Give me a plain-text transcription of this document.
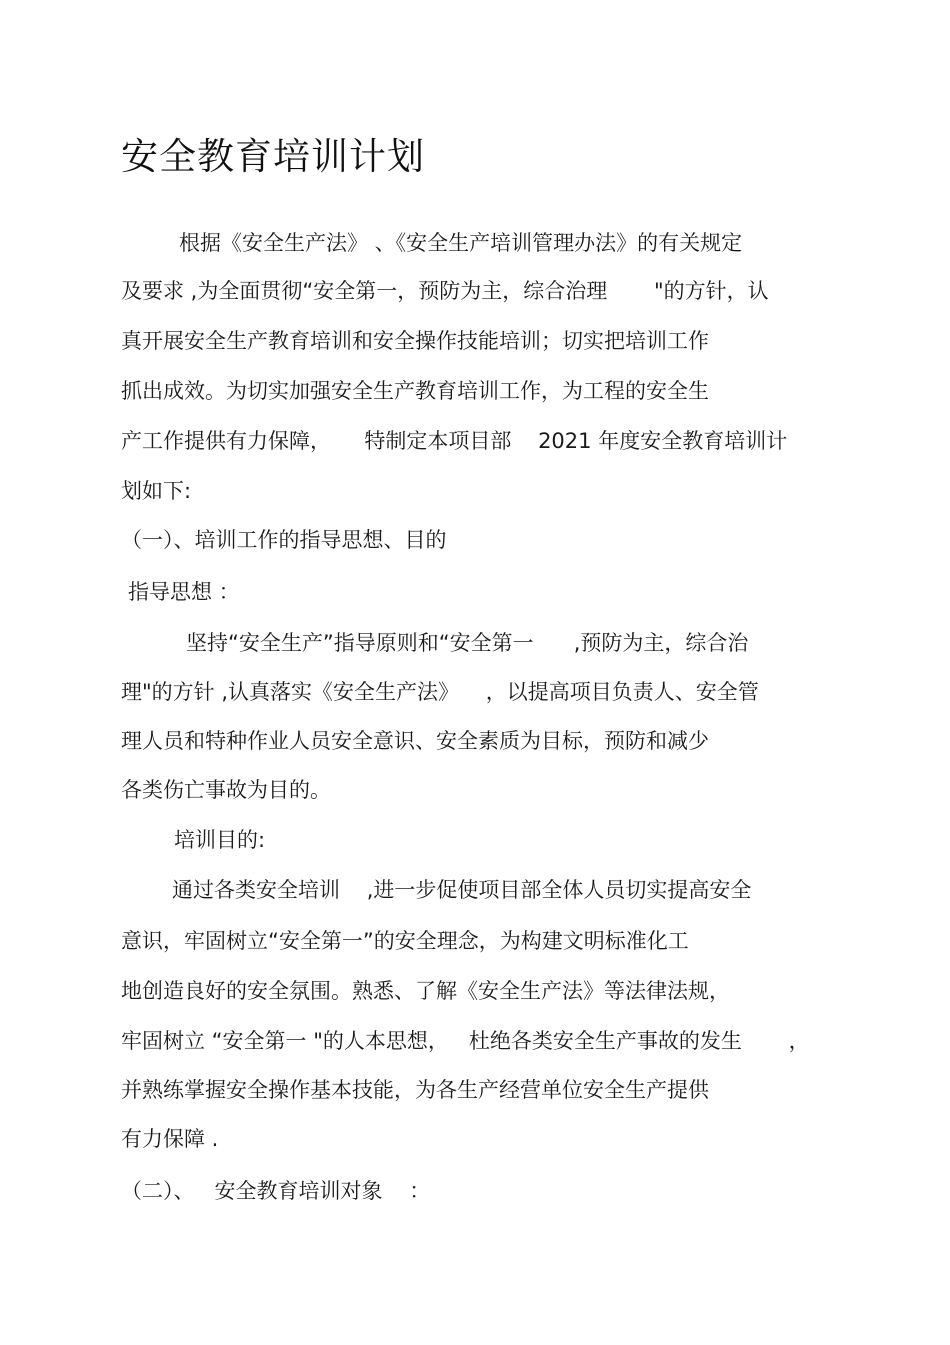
安全教育培训计划
根据《安全生产法》 、《安全生产培训管理办法》的有关规定
及要求 ,为全面贯彻“安全第一，预防为主，综合治理       "的方针，认
真开展安全生产教育培训和安全操作技能培训；切实把培训工作
抓出成效。为切实加强安全生产教育培训工作，为工程的安全生
产工作提供有力保障，     特制定本项目部    2021 年度安全教育培训计
划如下:
（一）、培训工作的指导思想、目的
指导思想 ：
坚持“安全生产”指导原则和“安全第一      ,预防为主，综合治
理"的方针 ,认真落实《安全生产法》    ，以提高项目负责人、安全管
理人员和特种作业人员安全意识、安全素质为目标，预防和减少
各类伤亡事故为目的。
培训目的:
通过各类安全培训    ,进一步促使项目部全体人员切实提高安全
意识，牢固树立“安全第一”的安全理念，为构建文明标准化工
地创造良好的安全氛围。熟悉、了解《安全生产法》等法律法规，
牢固树立 “安全第一 "的人本思想，   杜绝各类安全生产事故的发生       ，
并熟练掌握安全操作基本技能，为各生产经营单位安全生产提供
有力保障 .
（二）、   安全教育培训对象    ：
